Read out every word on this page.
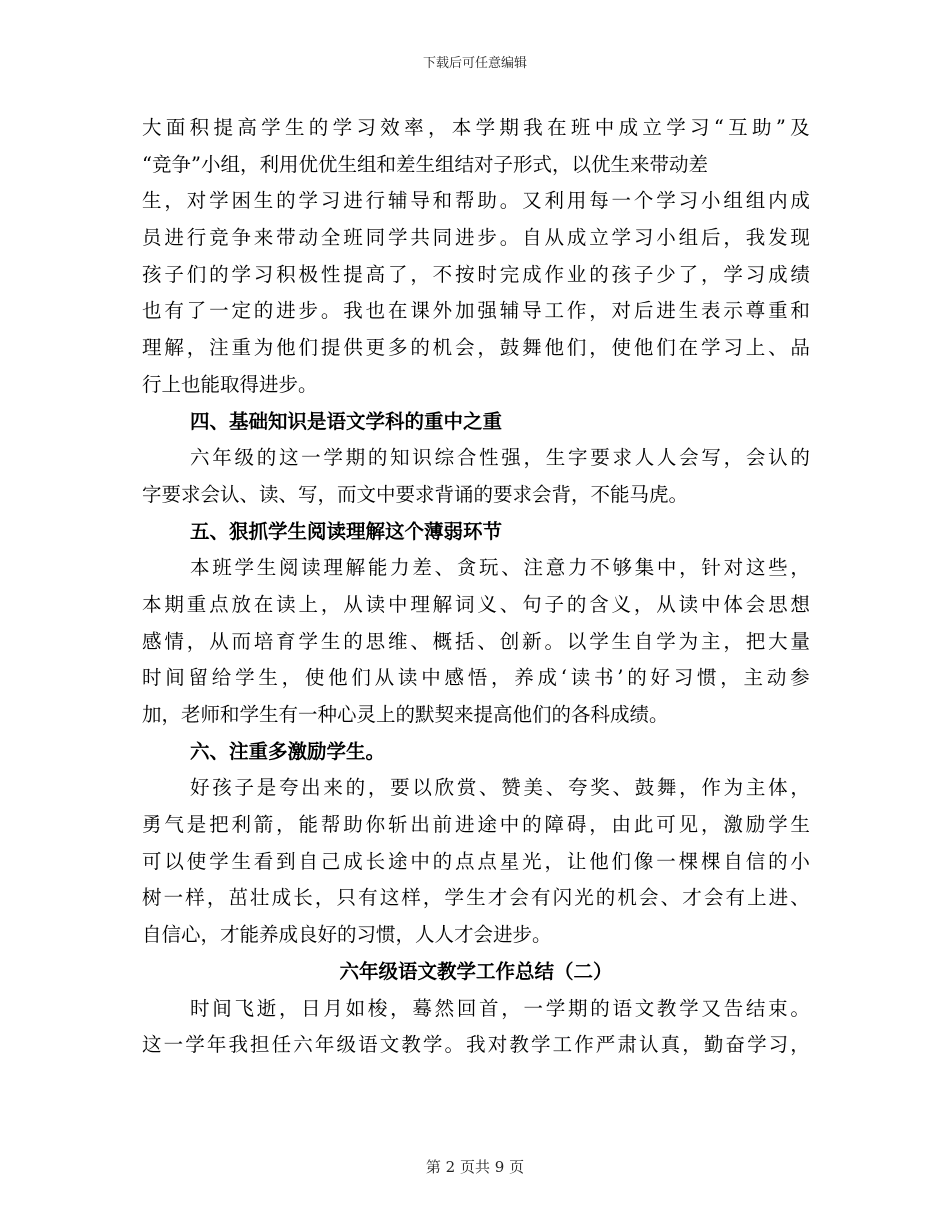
下载后可任意编辑
大 面 积 提 高 学 生 的 学 习 效 率 ， 本 学 期 我 在 班 中 成 立 学 习 “ 互 助 ” 及
“竞争”小组，利用优优生组和差生组结对子形式，以优生来带动差
生 ， 对 学 困 生 的 学 习 进 行 辅 导 和 帮 助 。 又 利 用 每 一 个 学 习 小 组 组 内 成
员 进 行 竞 争 来 带 动 全 班 同 学 共 同 进 步 。 自 从 成 立 学 习 小 组 后 ， 我 发 现
孩 子 们 的 学 习 积 极 性 提 高 了 ， 不 按 时 完 成 作 业 的 孩 子 少 了 ， 学 习 成 绩
也 有 了 一 定 的 进 步 。 我 也 在 课 外 加 强 辅 导 工 作 ， 对 后 进 生 表 示 尊 重 和
理 解 ， 注 重 为 他 们 提 供 更 多 的 机 会 ， 鼓 舞 他 们 ， 使 他 们 在 学 习 上 、 品
行上也能取得进步。
四、基础知识是语文学科的重中之重
六 年 级 的 这 一 学 期 的 知 识 综 合 性 强 ， 生 字 要 求 人 人 会 写 ， 会 认 的
字要求会认、读、写，而文中要求背诵的要求会背，不能马虎。
五、狠抓学生阅读理解这个薄弱环节
本 班 学 生 阅 读 理 解 能 力 差 、 贪 玩 、 注 意 力 不 够 集 中 ， 针 对 这 些 ，
本 期 重 点 放 在 读 上 ， 从 读 中 理 解 词 义 、 句 子 的 含 义 ， 从 读 中 体 会 思 想
感 情 ， 从 而 培 育 学 生 的 思 维 、 概 括 、 创 新 。 以 学 生 自 学 为 主 ， 把 大 量
时 间 留 给 学 生 ， 使 他 们 从 读 中 感 悟 ， 养 成 ‘ 读 书 ’ 的 好 习 惯 ， 主 动 参
加，老师和学生有一种心灵上的默契来提高他们的各科成绩。
六、注重多激励学生。
好 孩 子 是 夸 出 来 的 ， 要 以 欣 赏 、 赞 美 、 夸 奖 、 鼓 舞 ， 作 为 主 体 ，
勇 气 是 把 利 箭 ， 能 帮 助 你 斩 出 前 进 途 中 的 障 碍 ， 由 此 可 见 ， 激 励 学 生
可 以 使 学 生 看 到 自 己 成 长 途 中 的 点 点 星 光 ， 让 他 们 像 一 棵 棵 自 信 的 小
树 一 样 ， 茁 壮 成 长 ， 只 有 这 样 ， 学 生 才 会 有 闪 光 的 机 会 、 才 会 有 上 进 、
自信心，才能养成良好的习惯，人人才会进步。
六年级语文教学工作总结（二）
时 间 飞 逝 ， 日 月 如 梭 ， 蓦 然 回 首 ， 一 学 期 的 语 文 教 学 又 告 结 束 。
这 一 学 年 我 担 任 六 年 级 语 文 教 学 。 我 对 教 学 工 作 严 肃 认 真 ， 勤 奋 学 习 ，
第 2 页共 9 页
